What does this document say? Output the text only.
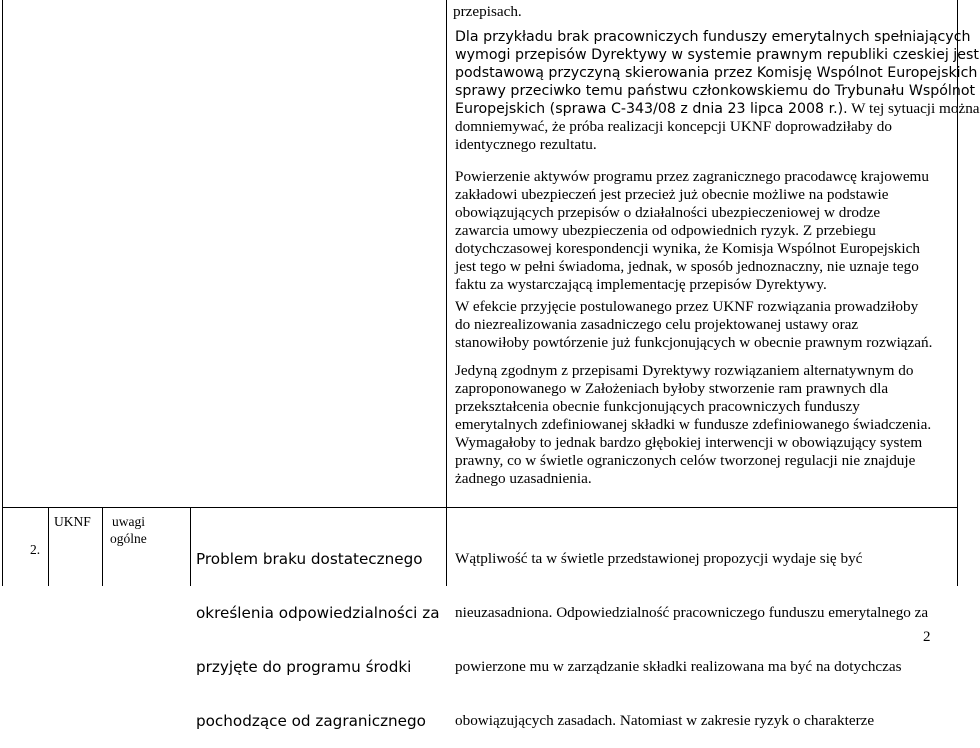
przepisach.
Dla przykładu brak pracowniczych funduszy emerytalnych spełniających
wymogi przepisów Dyrektywy w systemie prawnym republiki czeskiej jest
podstawową przyczyną skierowania przez Komisję Wspólnot Europejskich
sprawy przeciwko temu państwu członkowskiemu do Trybunału Wspólnot
Europejskich (sprawa C-343/08 z dnia 23 lipca 2008 r.). W tej sytuacji można
domniemywać, że próba realizacji koncepcji UKNF doprowadziłaby do
identycznego rezultatu.
Powierzenie aktywów programu przez zagranicznego pracodawcę krajowemu
zakładowi ubezpieczeń jest przecież już obecnie możliwe na podstawie
obowiązujących przepisów o działalności ubezpieczeniowej w drodze
zawarcia umowy ubezpieczenia od odpowiednich ryzyk. Z przebiegu
dotychczasowej korespondencji wynika, że Komisja Wspólnot Europejskich
jest tego w pełni świadoma, jednak, w sposób jednoznaczny, nie uznaje tego
faktu za wystarczającą implementację przepisów Dyrektywy.
W efekcie przyjęcie postulowanego przez UKNF rozwiązania prowadziłoby
do niezrealizowania zasadniczego celu projektowanej ustawy oraz
stanowiłoby powtórzenie już funkcjonujących w obecnie prawnym rozwiązań.
Jedyną zgodnym z przepisami Dyrektywy rozwiązaniem alternatywnym do
zaproponowanego w Założeniach byłoby stworzenie ram prawnych dla
przekształcenia obecnie funkcjonujących pracowniczych funduszy
emerytalnych zdefiniowanej składki w fundusze zdefiniowanego świadczenia.
Wymagałoby to jednak bardzo głębokiej interwencji w obowiązujący system
prawny, co w świetle ograniczonych celów tworzonej regulacji nie znajduje
żadnego uzasadnienia.
2.
UKNF uwagi
ogólne

Problem braku dostatecznego

określenia odpowiedzialności za

przyjęte do programu środki

pochodzące od zagranicznego

Wątpliwość ta w świetle przedstawionej propozycji wydaje się być

nieuzasadniona. Odpowiedzialność pracowniczego funduszu emerytalnego za

powierzone mu w zarządzanie składki realizowana ma być na dotychczas

obowiązujących zasadach. Natomiast w zakresie ryzyk o charakterze

2
